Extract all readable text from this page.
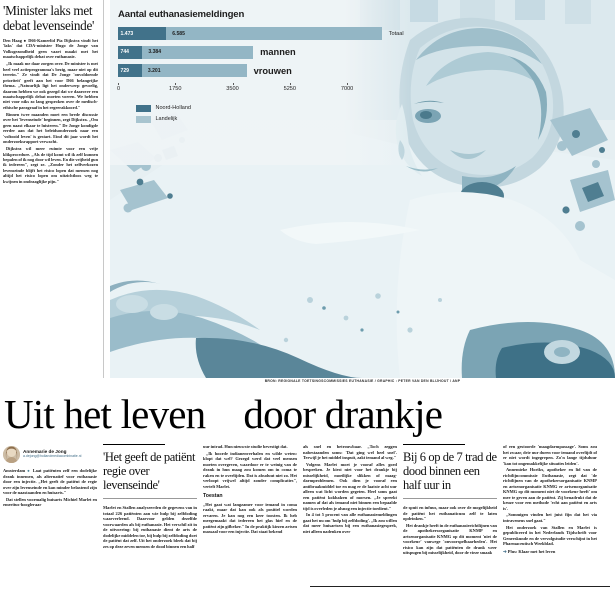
BRON: REGIONALE TOETSINGSCOMMISSIES EUTHANASIE / GRAPHIC : PETER VAN DEN BLIJHOUT / ANP
'Minister laks met debat levenseinde'

Den Haag ● D66-Kamerlid Pia Dijkstra vindt het 'laks' dat CDA-minister Hugo de Jonge van Volksgezondheid geen vaart maakt met het maatschappelijk debat over euthanasie.

„Ik maak me daar zorgen over. De minister is met heel veel actieprogramma's bezig, maar niet op dit terrein." Ze vindt dat De Jonge 'onvoldoende prioriteit' geeft aan het voor D66 belangrijke thema. „Natuurlijk ligt het onderwerp gevoelig, daarom hebben we ook gezegd dat we daarover een maatschappelijk debat moeten voeren. We hebben niet voor niks zo lang gesproken over de medisch-ethische paragraaf in het regeerakkoord."

Binnen twee maanden moet een brede discussie over het 'levenseinde' beginnen, zegt Dijkstra. „Om geen naast elkaar te luisteren." De Jonge kondigde eerder aan dat het beleidsonderzoek naar een 'voltooid leven' is gestart. Eind dit jaar wordt het onderzoeksrapport verwacht.

Dijkstra wil meer ruimte voor een vrije klikprocedure. „Als de tijd komt wil ik zelf kunnen bepalen of ik nog door wil leven. En die vrijheid gun ik iedereen", zegt ze. „Zonder het zelfverkozen levenseinde blijft het risico lopen dat mensen nog altijd het risico lopen om uitzichtloos weg te kwijnen in ondraaglijke pijn."

Aantal euthanasiemeldingen
1.473	6.585	Totaal
744	3.384	mannen
729	3.201	vrouwen
0	1750	3500	5250	7000
Noord-Holland
Landelijk
Uit het leven door drankje
Annemarie de Jong
a.dejong@hollandmediacombinatie.nl

Amsterdam ● Laat patiënten zelf een dodelijke drank innemen, als alternatief voor euthanasie door een injectie. „Het geeft de patiënt de regie over zijn levenseinde en kan minder belastend zijn voor de naastaanden en huisarts."

Dat stellen voormalig huisarts Michiel Marlet en emeritus-hoogleraar

'Het geeft de patiënt regie over levenseinde'

Marlet en Stallen analyseerden de gegevens van in totaal 226 patiënten aan wie hulp bij zelfdoding waarverleend. Daarvoor gelden dezelfde voorwaarden als bij euthanasie. Het verschil zit in de uitvoering: bij euthanasie dient de arts de dodelijke middelen toe, bij hulp bij zelfdoding doet de patiënt dat zelf. Uit het onderzoek bleek dat bij zes op deze zeven mensen de dood binnen een half

uur intrad. Hun nieuwste studie bevestigt dat.

„Ik hoorde indianenverhalen en wilde weten: klopt dat wel? Gezegd werd dat veel mensen moeten overgeven, waardoor er te weinig van de drank in hun maag zou komen om in coma te raken en te overlijden. Dat is absoluut niet zo. Het verloopt vrijwel altijd zonder complicaties", vertelt Marlet.

Toestan

„Het gaat wat langzamer voor iemand in coma raakt, maar dat kan ook als positief worden ervaren. Je kan nog een keer toosten. Ik heb meegemaakt dat iedereen het glas hief en de patiënt zijn gifbeker." In de praktijk kiezen artsen massaal voor een injectie. Dat staat bekend

als snel en betrouwbaar. „Toch zeggen nabestaanden soms: 'Dat ging wel heel snel'. Terwijl je het middel inspuit, zakt iemand al weg."

Volgens Marlet moet je vooraf alles goed bespreken. Je kiest niet voor het drankje bij misselijkheid, moeilijke slikken of maag-darmproblemen. Ook dien je vooraf een antibraakmiddel toe en mag er de laatste acht uur alleen wat licht worden gegeten. Heel soms gaat een patiënt kokhalzen of morsen. „Je spreekt namen af dat als iemand niet binnen een bepaalde tijd is overleden je alsnog een injectie toedient."

In 4 tot 5 procent van alle euthanasiemeldingen gaat het nu om 'hulp bij zelfdoding'. „Ik zou willen dat meer huisartsen bij een euthanasiegesprek, niet alleen nadenken over

Bij 6 op de 7 trad de dood binnen een half uur in

de spuit en infuus, maar ook over de mogelijkheid de patiënt het euthanaticum zelf te laten opdrinken."

Het drankje heeft in de euthanasierichtlijnen van de apothekersorganisatie KNMP en artsenorganisatie KNMG op dit moment 'niet de voorkeur' vanwege 'onvoorspelbaarheden'. Het risico kan zijn dat patiënten de drank weer uitspugen bij misselijkheid, door de vieze smaak

of een gestoorde 'maagdarmpassage'. Soms zou het zwaar, drie uur duren voor iemand overlijdt of er niet wordt ingegrepen. Zo'n lange tijdsduur 'kan tot ongemakkelijke situaties leiden'.

Annemieke Horikx, apotheker en lid van de richtlijncommissie Euthanasie, zegt dat 'de richtlijnen van de apothekersorganisatie KNMP en artsenorganisatie KNMG er artsenorganisatie KNMG op dit moment niet de voorkeur heeft' om mee te geven aan de patiënt. Zij benadrukt dat de keuze voor een methode 'echt aan patiënt en arts is'.

„Sommigen vinden het juist fijn dat het via intraveneus snel gaat."

Het onderzoek van Stallen en Marlet is gepubliceerd in het Nederlands Tijdschrift voor Geneeskunde en de vervolgstudie verschijnt in het Pharmaceutisch Weekblad.

➔ Plus: Klaar met het leven
